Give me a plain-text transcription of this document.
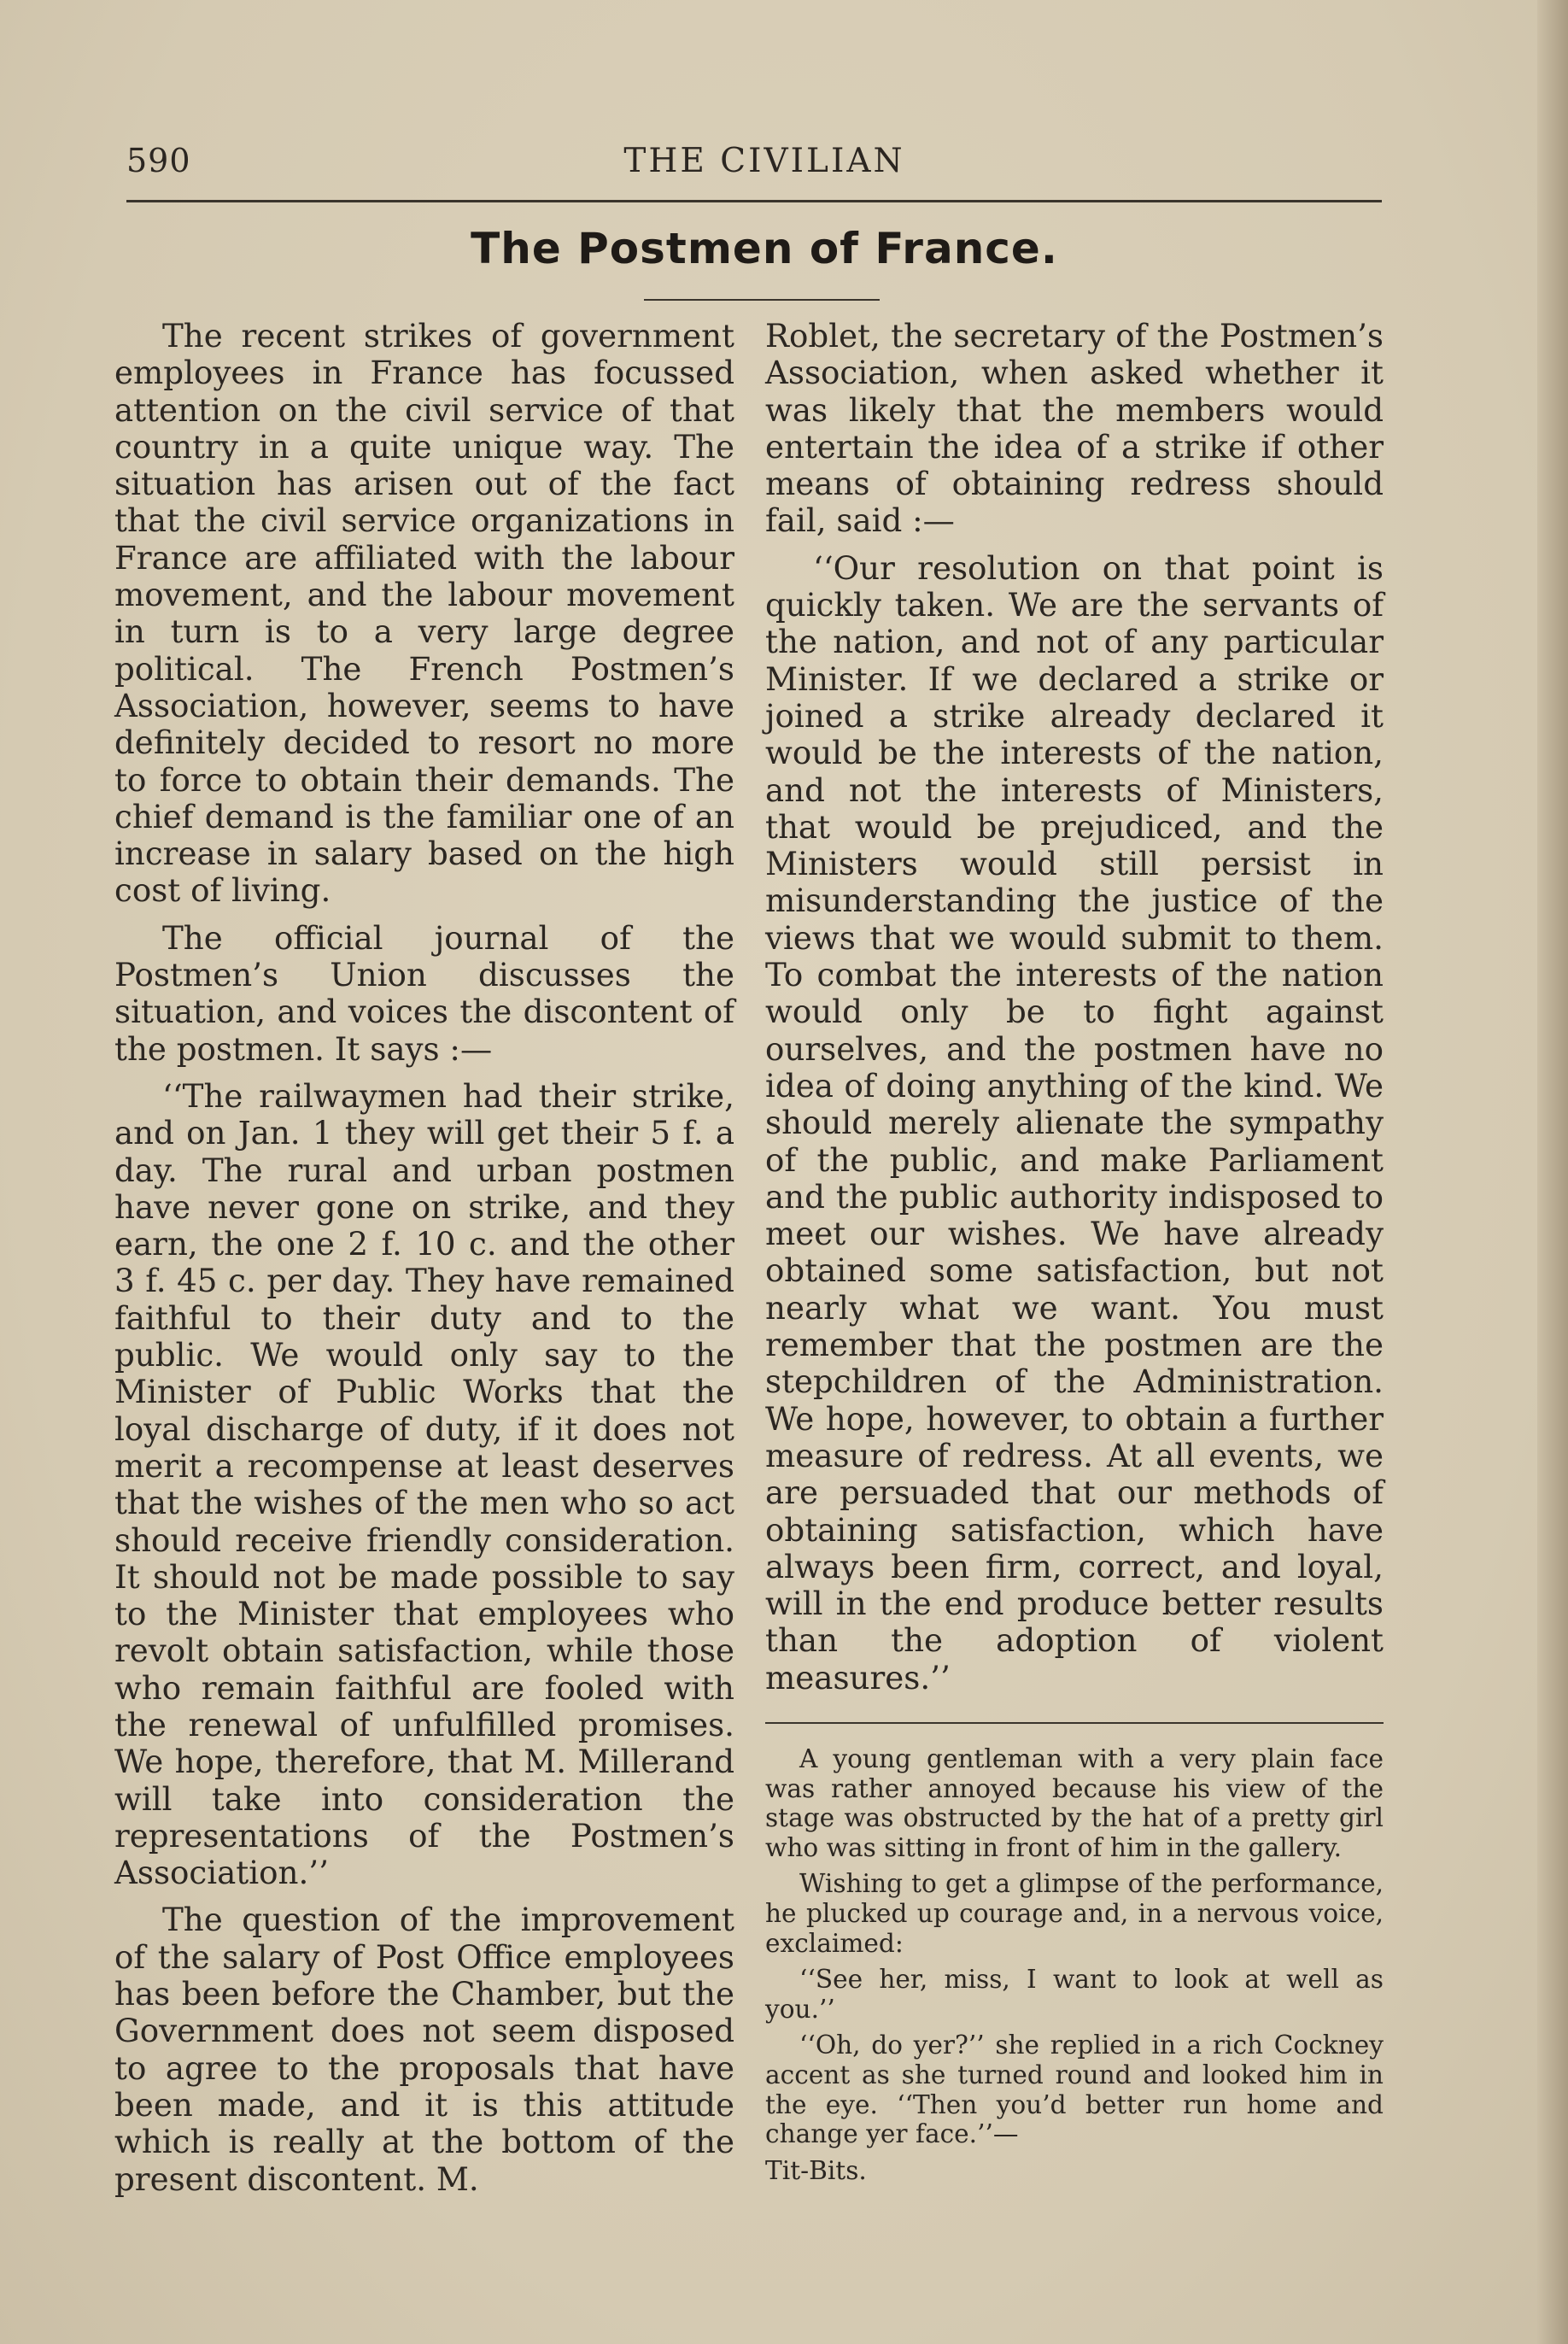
590	THE CIVILIAN
The Postmen of France.

The recent strikes of government employees in France has focussed attention on the civil service of that country in a quite unique way. The situation has arisen out of the fact that the civil service organizations in France are affiliated with the labour movement, and the labour movement in turn is to a very large degree political. The French Postmen’s Association, however, seems to have definitely decided to resort no more to force to obtain their demands. The chief demand is the familiar one of an increase in salary based on the high cost of living.

The official journal of the Postmen’s Union discusses the situation, and voices the discontent of the postmen. It says :—

‘‘The railwaymen had their strike, and on Jan. 1 they will get their 5 f. a day. The rural and urban postmen have never gone on strike, and they earn, the one 2 f. 10 c. and the other 3 f. 45 c. per day. They have remained faithful to their duty and to the public. We would only say to the Minister of Public Works that the loyal discharge of duty, if it does not merit a recompense at least deserves that the wishes of the men who so act should receive friendly consideration. It should not be made possible to say to the Minister that employees who revolt obtain satisfaction, while those who remain faithful are fooled with the renewal of unfulfilled promises. We hope, therefore, that M. Millerand will take into consideration the representations of the Postmen’s Association.’’

The question of the improvement of the salary of Post Office employees has been before the Chamber, but the Government does not seem disposed to agree to the proposals that have been made, and it is this attitude which is really at the bottom of the present discontent. M.

Roblet, the secretary of the Postmen’s Association, when asked whether it was likely that the members would entertain the idea of a strike if other means of obtaining redress should fail, said :—

‘‘Our resolution on that point is quickly taken. We are the servants of the nation, and not of any particular Minister. If we declared a strike or joined a strike already declared it would be the interests of the nation, and not the interests of Ministers, that would be prejudiced, and the Ministers would still persist in misunderstanding the justice of the views that we would submit to them. To combat the interests of the nation would only be to fight against ourselves, and the postmen have no idea of doing anything of the kind. We should merely alienate the sympathy of the public, and make Parliament and the public authority indisposed to meet our wishes. We have already obtained some satisfaction, but not nearly what we want. You must remember that the postmen are the stepchildren of the Administration. We hope, however, to obtain a further measure of redress. At all events, we are persuaded that our methods of obtaining satisfaction, which have always been firm, correct, and loyal, will in the end produce better results than the adoption of violent measures.’’

A young gentleman with a very plain face was rather annoyed because his view of the stage was obstructed by the hat of a pretty girl who was sitting in front of him in the gallery.

Wishing to get a glimpse of the performance, he plucked up courage and, in a nervous voice, exclaimed:

‘‘See her, miss, I want to look at well as you.’’

‘‘Oh, do yer?’’ she replied in a rich Cockney accent as she turned round and looked him in the eye. ‘‘Then you’d better run home and change yer face.’’—

Tit-Bits.
